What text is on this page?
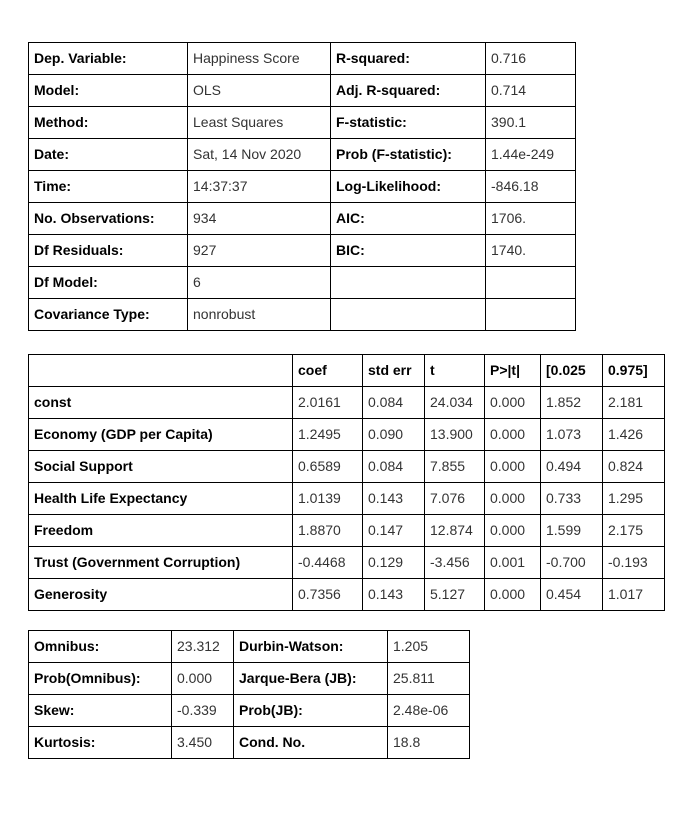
Dep. Variable:	Happiness Score	R-squared:	0.716
Model:	OLS	Adj. R-squared:	0.714
Method:	Least Squares	F-statistic:	390.1
Date:	Sat, 14 Nov 2020	Prob (F-statistic):	1.44e-249
Time:	14:37:37	Log-Likelihood:	-846.18
No. Observations:	934	AIC:	1706.
Df Residuals:	927	BIC:	1740.
Df Model:	6		
Covariance Type:	nonrobust		
	coef	std err	t	P>|t|	[0.025	0.975]
const	2.0161	0.084	24.034	0.000	1.852	2.181
Economy (GDP per Capita)	1.2495	0.090	13.900	0.000	1.073	1.426
Social Support	0.6589	0.084	7.855	0.000	0.494	0.824
Health Life Expectancy	1.0139	0.143	7.076	0.000	0.733	1.295
Freedom	1.8870	0.147	12.874	0.000	1.599	2.175
Trust (Government Corruption)	-0.4468	0.129	-3.456	0.001	-0.700	-0.193
Generosity	0.7356	0.143	5.127	0.000	0.454	1.017
Omnibus:	23.312	Durbin-Watson:	1.205
Prob(Omnibus):	0.000	Jarque-Bera (JB):	25.811
Skew:	-0.339	Prob(JB):	2.48e-06
Kurtosis:	3.450	Cond. No.	18.8
